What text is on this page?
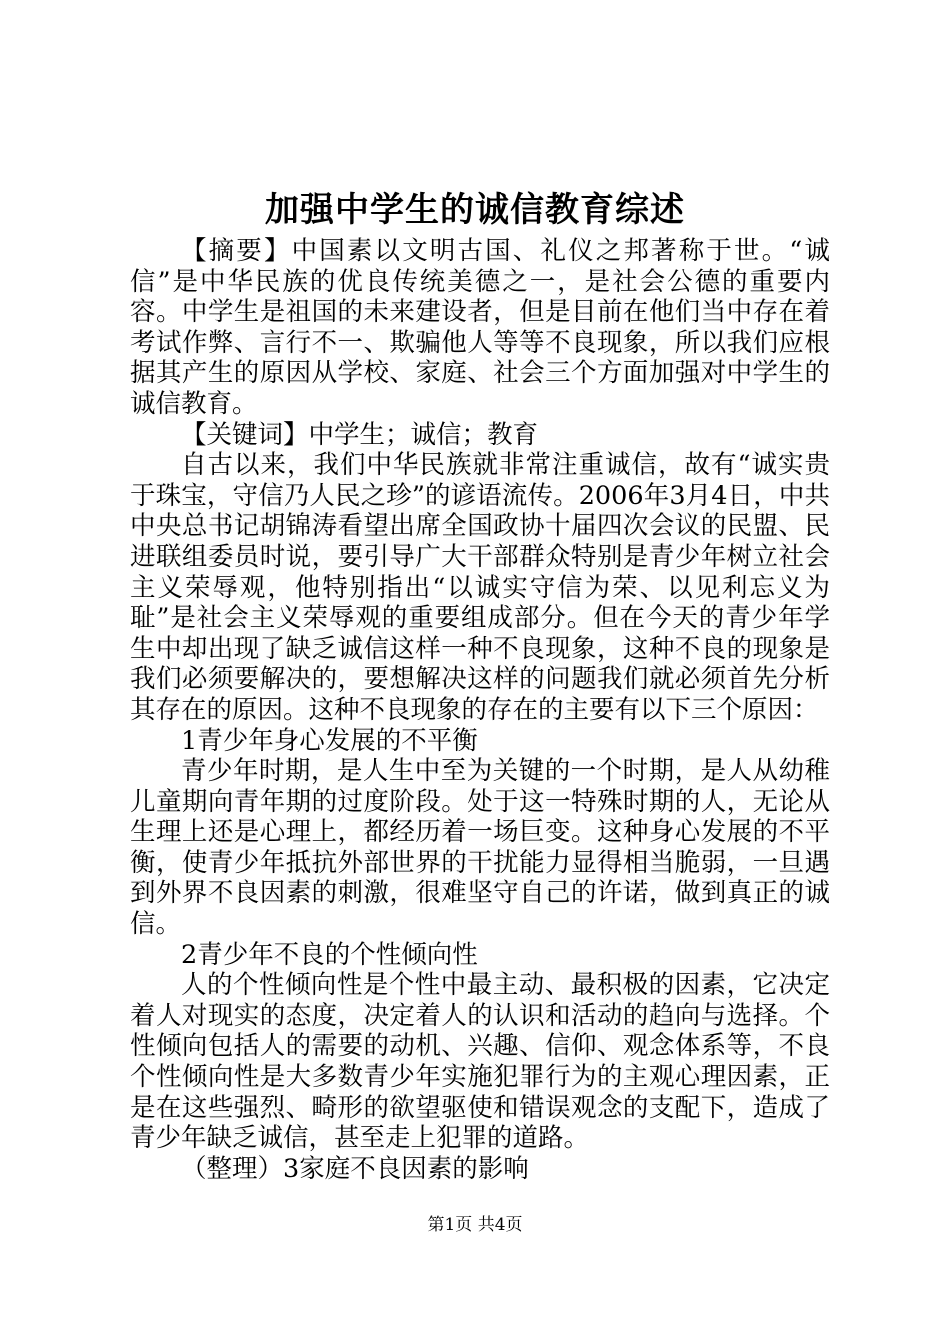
加强中学生的诚信教育综述

【摘要】中国素以文明古国、礼仪之邦著称于世。“诚信”是中华民族的优良传统美德之一，是社会公德的重要内容。中学生是祖国的未来建设者，但是目前在他们当中存在着考试作弊、言行不一、欺骗他人等等不良现象，所以我们应根据其产生的原因从学校、家庭、社会三个方面加强对中学生的诚信教育。

【关键词】中学生；诚信；教育

自古以来，我们中华民族就非常注重诚信，故有“诚实贵于珠宝，守信乃人民之珍”的谚语流传。2006年3月4日，中共中央总书记胡锦涛看望出席全国政协十届四次会议的民盟、民进联组委员时说，要引导广大干部群众特别是青少年树立社会主义荣辱观，他特别指出“以诚实守信为荣、以见利忘义为耻”是社会主义荣辱观的重要组成部分。但在今天的青少年学生中却出现了缺乏诚信这样一种不良现象，这种不良的现象是我们必须要解决的，要想解决这样的问题我们就必须首先分析其存在的原因。这种不良现象的存在的主要有以下三个原因：

1青少年身心发展的不平衡

青少年时期，是人生中至为关键的一个时期，是人从幼稚儿童期向青年期的过度阶段。处于这一特殊时期的人，无论从生理上还是心理上，都经历着一场巨变。这种身心发展的不平衡，使青少年抵抗外部世界的干扰能力显得相当脆弱，一旦遇到外界不良因素的刺激，很难坚守自己的许诺，做到真正的诚信。

2青少年不良的个性倾向性

人的个性倾向性是个性中最主动、最积极的因素，它决定着人对现实的态度，决定着人的认识和活动的趋向与选择。个性倾向包括人的需要的动机、兴趣、信仰、观念体系等，不良个性倾向性是大多数青少年实施犯罪行为的主观心理因素，正是在这些强烈、畸形的欲望驱使和错误观念的支配下，造成了青少年缺乏诚信，甚至走上犯罪的道路。

（整理）3家庭不良因素的影响

第1页 共4页
